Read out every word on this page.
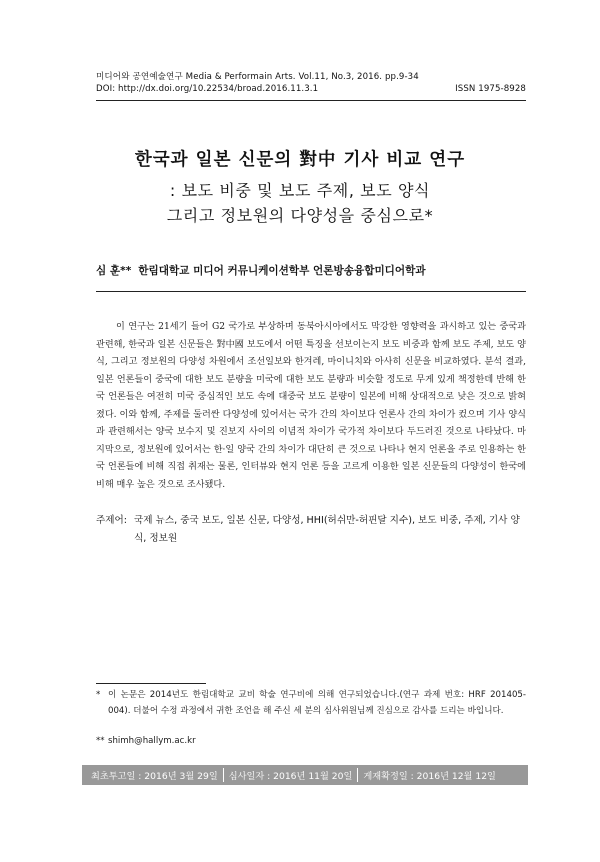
미디어와 공연예술연구 Media & Performain Arts. Vol.11, No.3, 2016. pp.9-34
DOI: http://dx.doi.org/10.22534/broad.2016.11.3.1	ISSN 1975-8928
한국과 일본 신문의 對中 기사 비교 연구
: 보도 비중 및 보도 주제, 보도 양식
그리고 정보원의 다양성을 중심으로*
심 훈** 한림대학교 미디어 커뮤니케이션학부 언론방송융합미디어학과
이 연구는 21세기 들어 G2 국가로 부상하며 동북아시아에서도 막강한 영향력을 과시하고 있는 중국과 관련해, 한국과 일본 신문들은 對中國 보도에서 어떤 특징을 선보이는지 보도 비중과 함께 보도 주제, 보도 양식, 그리고 정보원의 다양성 차원에서 조선일보와 한겨레, 마이니치와 아사히 신문을 비교하였다. 분석 결과, 일본 언론들이 중국에 대한 보도 분량을 미국에 대한 보도 분량과 비슷할 정도로 무게 있게 책정한데 반해 한국 언론들은 여전히 미국 중심적인 보도 속에 대중국 보도 분량이 일본에 비해 상대적으로 낮은 것으로 밝혀졌다. 이와 함께, 주제를 둘러싼 다양성에 있어서는 국가 간의 차이보다 언론사 간의 차이가 컸으며 기사 양식과 관련해서는 양국 보수지 및 진보지 사이의 이념적 차이가 국가적 차이보다 두드러진 것으로 나타났다. 마지막으로, 정보원에 있어서는 한·일 양국 간의 차이가 대단히 큰 것으로 나타나 현지 언론을 주로 인용하는 한국 언론들에 비해 직접 취재는 물론, 인터뷰와 현지 언론 등을 고르게 이용한 일본 신문들의 다양성이 한국에 비해 매우 높은 것으로 조사됐다.
주제어: 국제 뉴스, 중국 보도, 일본 신문, 다양성, HHI(허쉬만-허핀달 지수), 보도 비중, 주제, 기사 양식, 정보원
* 이 논문은 2014년도 한림대학교 교비 학술 연구비에 의해 연구되었습니다.(연구 과제 번호: HRF 201405-004). 더불어 수정 과정에서 귀한 조언을 해 주신 세 분의 심사위원님께 진심으로 감사를 드리는 바입니다.
** shimh@hallym.ac.kr
최초투고일 : 2016년 3월 29일	심사일자 : 2016년 11월 20일	게재확정일 : 2016년 12월 12일
